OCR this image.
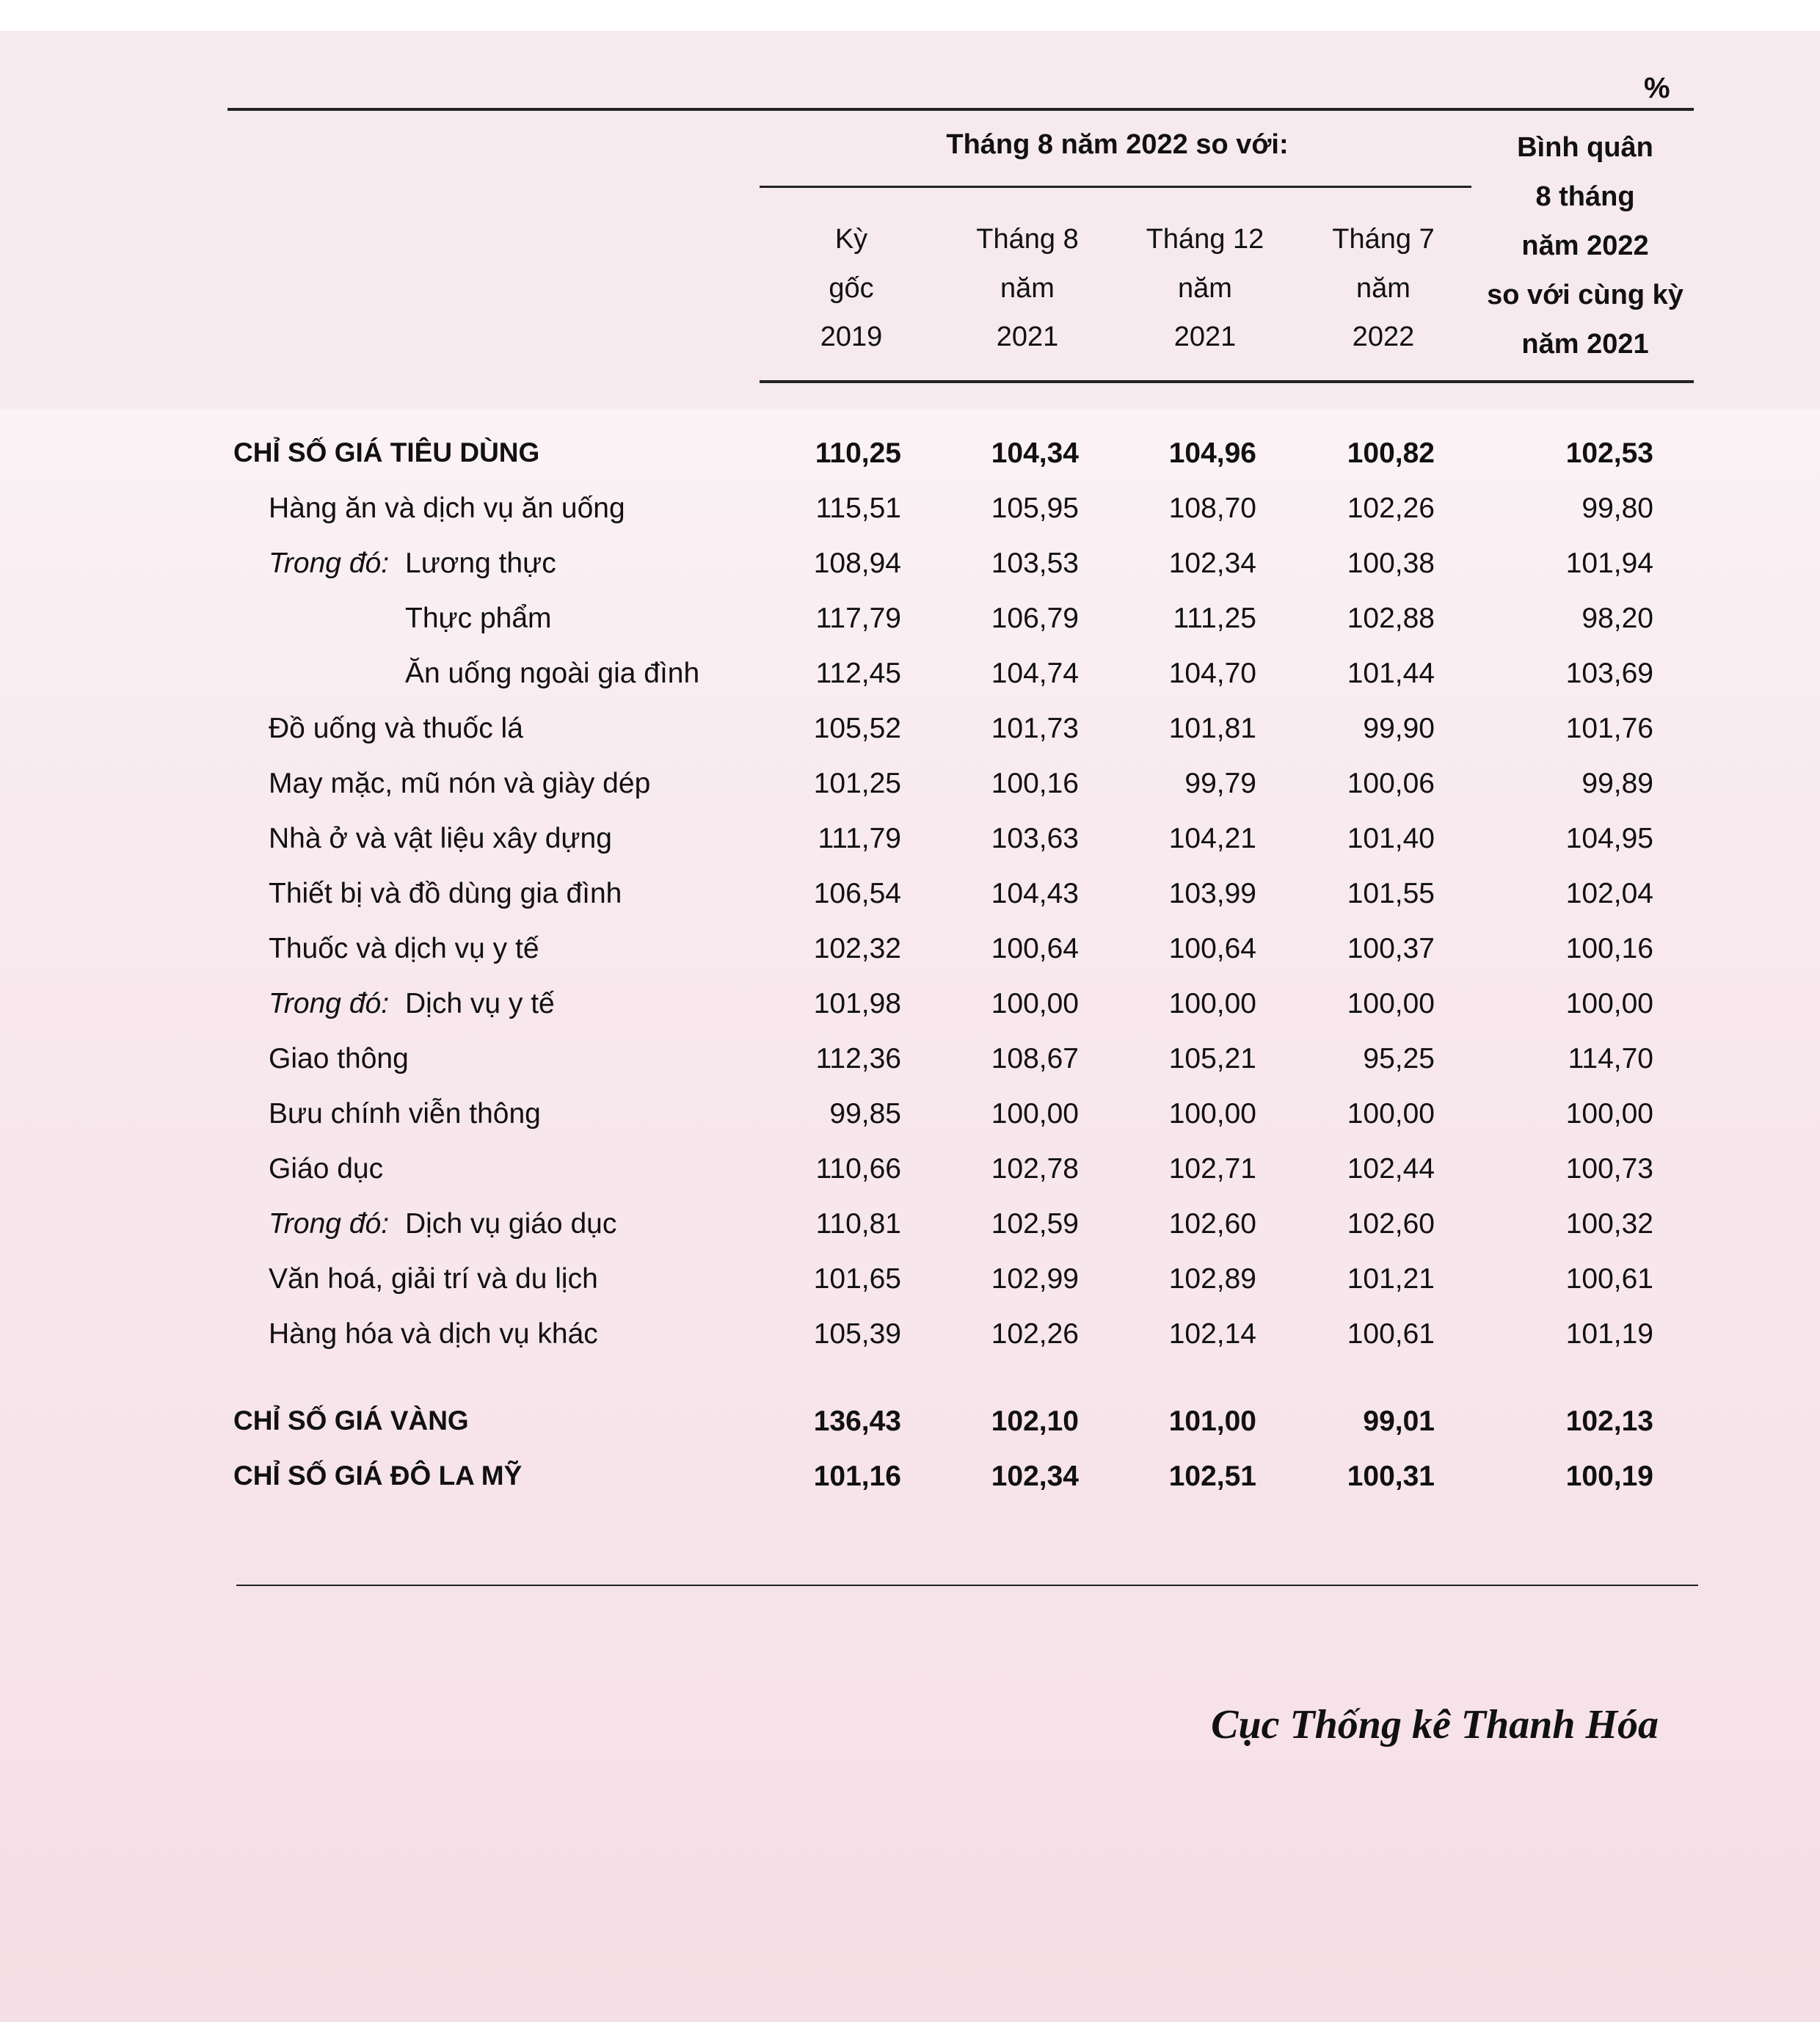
%
Tháng 8 năm 2022 so với:
Kỳ
gốc
2019
Tháng 8
năm
2021
Tháng 12
năm
2021
Tháng 7
năm
2022
Bình quân
8 tháng
năm 2022
so với cùng kỳ
năm 2021
CHỈ SỐ GIÁ TIÊU DÙNG	110,25	104,34	104,96	100,82	102,53
Hàng ăn và dịch vụ ăn uống	115,51	105,95	108,70	102,26	99,80
Trong đó: Lương thực	108,94	103,53	102,34	100,38	101,94
Thực phẩm	117,79	106,79	111,25	102,88	98,20
Ăn uống ngoài gia đình	112,45	104,74	104,70	101,44	103,69
Đồ uống và thuốc lá	105,52	101,73	101,81	99,90	101,76
May mặc, mũ nón và giày dép	101,25	100,16	99,79	100,06	99,89
Nhà ở và vật liệu xây dựng	111,79	103,63	104,21	101,40	104,95
Thiết bị và đồ dùng gia đình	106,54	104,43	103,99	101,55	102,04
Thuốc và dịch vụ y tế	102,32	100,64	100,64	100,37	100,16
Trong đó: Dịch vụ y tế	101,98	100,00	100,00	100,00	100,00
Giao thông	112,36	108,67	105,21	95,25	114,70
Bưu chính viễn thông	99,85	100,00	100,00	100,00	100,00
Giáo dục	110,66	102,78	102,71	102,44	100,73
Trong đó: Dịch vụ giáo dục	110,81	102,59	102,60	102,60	100,32
Văn hoá, giải trí và du lịch	101,65	102,99	102,89	101,21	100,61
Hàng hóa và dịch vụ khác	105,39	102,26	102,14	100,61	101,19
CHỈ SỐ GIÁ VÀNG	136,43	102,10	101,00	99,01	102,13
CHỈ SỐ GIÁ ĐÔ LA MỸ	101,16	102,34	102,51	100,31	100,19
Cục Thống kê Thanh Hóa
